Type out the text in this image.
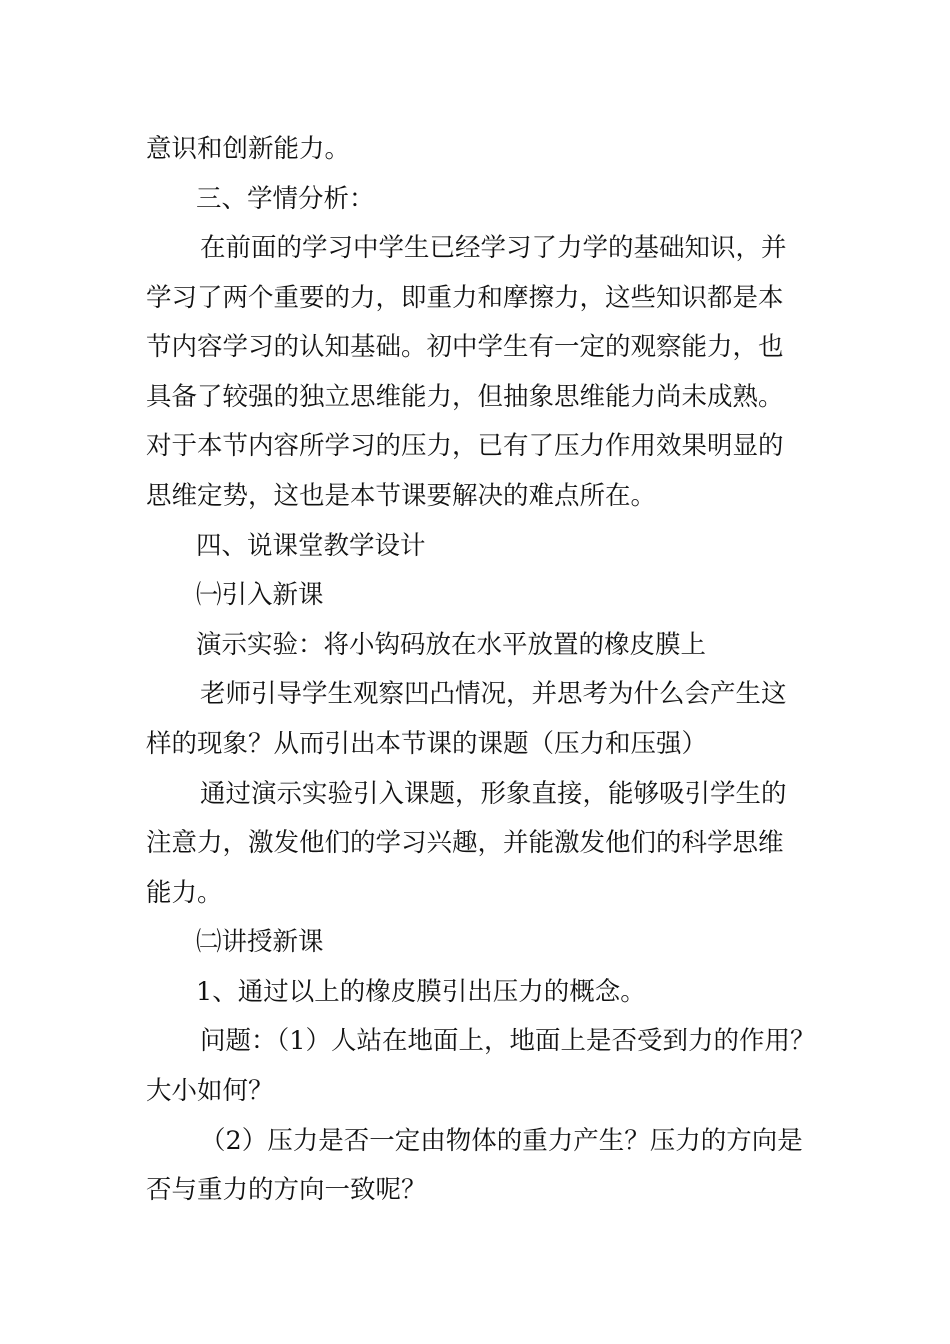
意识和创新能力。
三、学情分析：
在前面的学习中学生已经学习了力学的基础知识，并
学习了两个重要的力，即重力和摩擦力，这些知识都是本
节内容学习的认知基础。初中学生有一定的观察能力，也
具备了较强的独立思维能力，但抽象思维能力尚未成熟。
对于本节内容所学习的压力，已有了压力作用效果明显的
思维定势，这也是本节课要解决的难点所在。
四、说课堂教学设计
㈠引入新课
演示实验：将小钩码放在水平放置的橡皮膜上
老师引导学生观察凹凸情况，并思考为什么会产生这
样的现象？从而引出本节课的课题（压力和压强）
通过演示实验引入课题，形象直接，能够吸引学生的
注意力，激发他们的学习兴趣，并能激发他们的科学思维
能力。
㈡讲授新课
1、通过以上的橡皮膜引出压力的概念。
问题：（1）人站在地面上，地面上是否受到力的作用？
大小如何？
（2）压力是否一定由物体的重力产生？压力的方向是
否与重力的方向一致呢？
